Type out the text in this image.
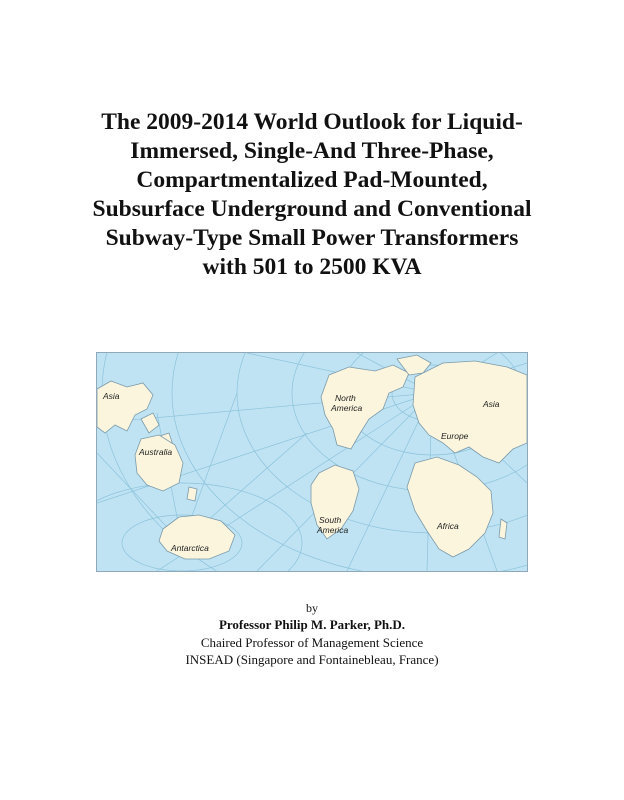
The 2009-2014 World Outlook for Liquid-
Immersed, Single-And Three-Phase,
Compartmentalized Pad-Mounted,
Subsurface Underground and Conventional
Subway-Type Small Power Transformers
with 501 to 2500 KVA
Asia
Australia
Antarctica
North
America
South
America
Asia
Europe
Africa
by
Professor Philip M. Parker, Ph.D.
Chaired Professor of Management Science
INSEAD (Singapore and Fontainebleau, France)
